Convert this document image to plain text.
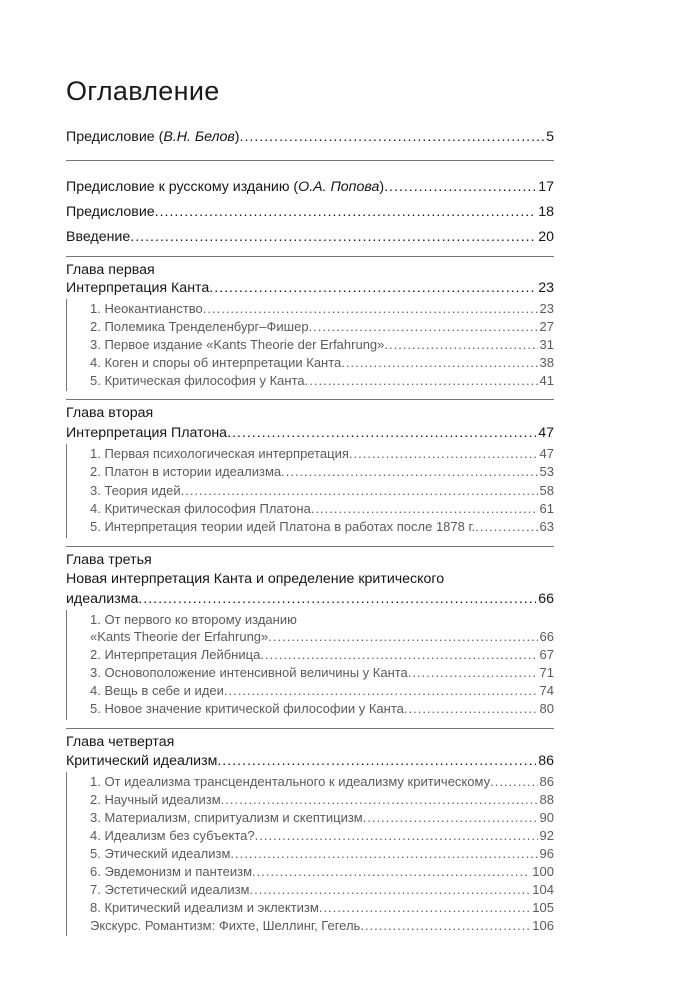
Оглавление
Предисловие (В.Н. Белов) .....	5
Предисловие к русскому изданию (О.А. Попова) .....	17
Предисловие .....	18
Введение .....	20
Глава первая
Интерпретация Канта .....	23
1. Неокантианство .....	23
2. Полемика Тренделенбург–Фишер .....	27
3. Первое издание «Kants Theorie der Erfahrung» .....	31
4. Коген и споры об интерпретации Канта .....	38
5. Критическая философия у Канта .....	41
Глава вторая
Интерпретация Платона .....	47
1. Первая психологическая интерпретация .....	47
2. Платон в истории идеализма .....	53
3. Теория идей .....	58
4. Критическая философия Платона .....	61
5. Интерпретация теории идей Платона в работах после 1878 г. .....	63
Глава третья
Новая интерпретация Канта и определение критического
идеализма .....	66
1. От первого ко второму изданию
«Kants Theorie der Erfahrung» .....	66
2. Интерпретация Лейбница .....	67
3. Основоположение интенсивной величины у Канта .....	71
4. Вещь в себе и идеи .....	74
5. Новое значение критической философии у Канта .....	80
Глава четвертая
Критический идеализм .....	86
1. От идеализма трансцендентального к идеализму критическому .....	86
2. Научный идеализм .....	88
3. Материализм, спиритуализм и скептицизм .....	90
4. Идеализм без субъекта? .....	92
5. Этический идеализм .....	96
6. Эвдемонизм и пантеизм .....	100
7. Эстетический идеализм .....	104
8. Критический идеализм и эклектизм .....	105
Экскурс. Романтизм: Фихте, Шеллинг, Гегель .....	106
